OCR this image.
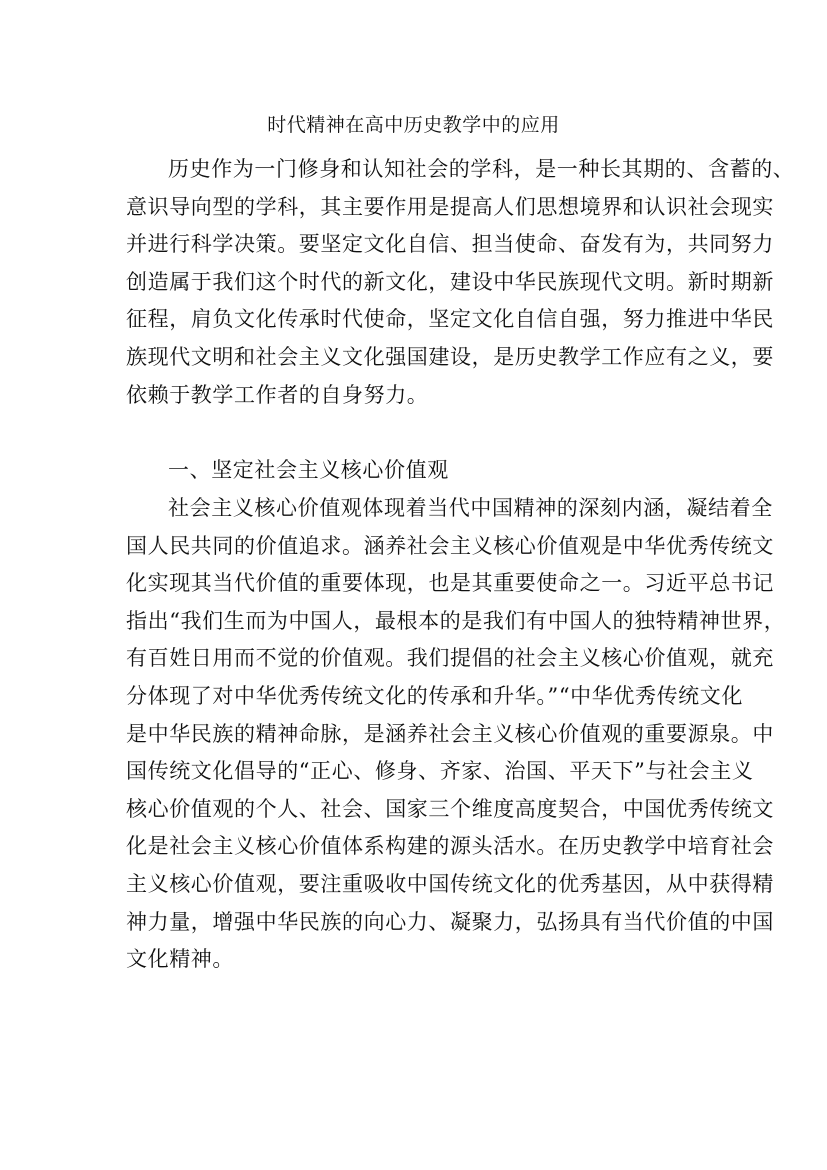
时代精神在高中历史教学中的应用
历史作为一门修身和认知社会的学科，是一种长其期的、含蓄的、
意识导向型的学科，其主要作用是提高人们思想境界和认识社会现实
并进行科学决策。要坚定文化自信、担当使命、奋发有为，共同努力
创造属于我们这个时代的新文化，建设中华民族现代文明。新时期新
征程，肩负文化传承时代使命，坚定文化自信自强，努力推进中华民
族现代文明和社会主义文化强国建设，是历史教学工作应有之义，要
依赖于教学工作者的自身努力。
一、坚定社会主义核心价值观
社会主义核心价值观体现着当代中国精神的深刻内涵，凝结着全
国人民共同的价值追求。涵养社会主义核心价值观是中华优秀传统文
化实现其当代价值的重要体现，也是其重要使命之一。习近平总书记
指出“我们生而为中国人，最根本的是我们有中国人的独特精神世界，
有百姓日用而不觉的价值观。我们提倡的社会主义核心价值观，就充
分体现了对中华优秀传统文化的传承和升华。”“中华优秀传统文化
是中华民族的精神命脉，是涵养社会主义核心价值观的重要源泉。中
国传统文化倡导的“正心、修身、齐家、治国、平天下”与社会主义
核心价值观的个人、社会、国家三个维度高度契合，中国优秀传统文
化是社会主义核心价值体系构建的源头活水。在历史教学中培育社会
主义核心价值观，要注重吸收中国传统文化的优秀基因，从中获得精
神力量，增强中华民族的向心力、凝聚力，弘扬具有当代价值的中国
文化精神。
